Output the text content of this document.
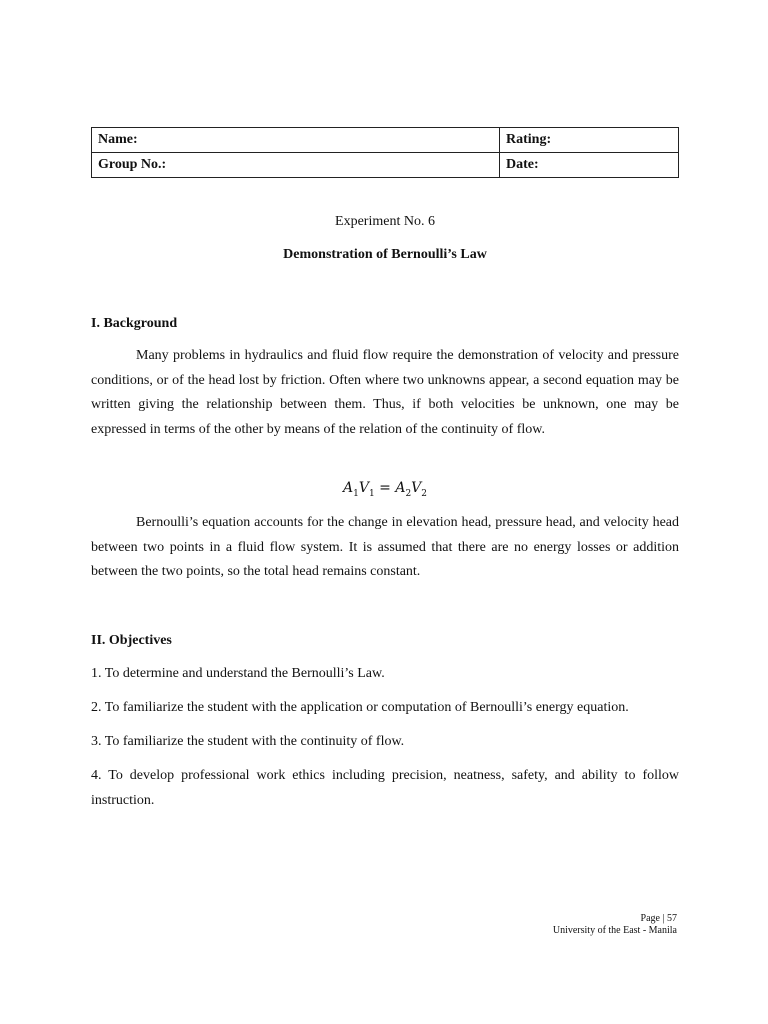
Name:	Rating:
Group No.:	Date:
Experiment No. 6
Demonstration of Bernoulli’s Law
I. Background

Many problems in hydraulics and fluid flow require the demonstration of velocity and pressure conditions, or of the head lost by friction. Often where two unknowns appear, a second equation may be written giving the relationship between them. Thus, if both velocities be unknown, one may be expressed in terms of the other by means of the relation of the continuity of flow.

$A_1V_1 = A_2V_2$

Bernoulli’s equation accounts for the change in elevation head, pressure head, and velocity head between two points in a fluid flow system. It is assumed that there are no energy losses or addition between the two points, so the total head remains constant.

II. Objectives

1. To determine and understand the Bernoulli’s Law.

2. To familiarize the student with the application or computation of Bernoulli’s energy equation.

3. To familiarize the student with the continuity of flow.

4. To develop professional work ethics including precision, neatness, safety, and ability to follow instruction.

Page | 57
University of the East - Manila
